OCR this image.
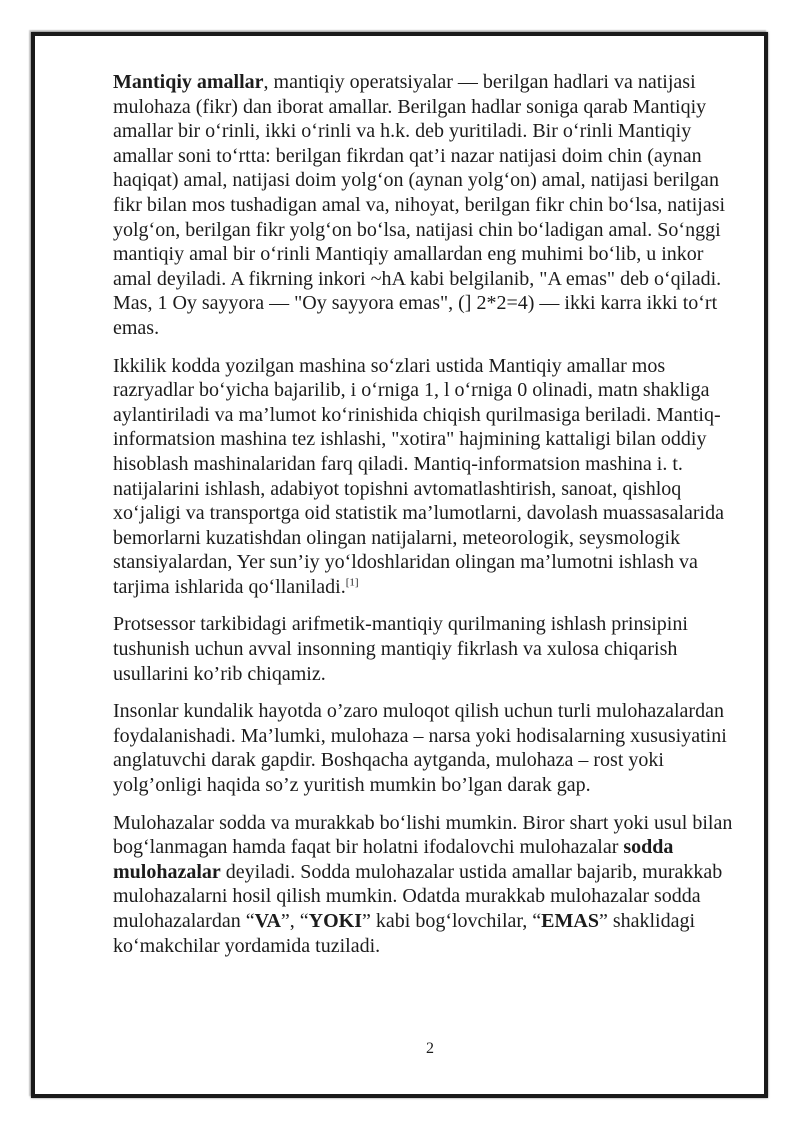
Mantiqiy amallar, mantiqiy operatsiyalar — berilgan hadlari va natijasi mulohaza (fikr) dan iborat amallar. Berilgan hadlar soniga qarab Mantiqiy amallar bir oʻrinli, ikki oʻrinli va h.k. deb yuritiladi. Bir oʻrinli Mantiqiy amallar soni toʻrtta: berilgan fikrdan qat’i nazar natijasi doim chin (aynan haqiqat) amal, natijasi doim yolgʻon (aynan yolgʻon) amal, natijasi berilgan fikr bilan mos tushadigan amal va, nihoyat, berilgan fikr chin boʻlsa, natijasi yolgʻon, berilgan fikr yolgʻon boʻlsa, natijasi chin boʻladigan amal. Soʻnggi mantiqiy amal bir oʻrinli Mantiqiy amallardan eng muhimi boʻlib, u inkor amal deyiladi. A fikrning inkori ~hA kabi belgilanib, "A emas" deb oʻqiladi. Mas, 1 Oy sayyora — "Oy sayyora emas", (] 2*2=4) — ikki karra ikki toʻrt emas.

Ikkilik kodda yozilgan mashina soʻzlari ustida Mantiqiy amallar mos razryadlar boʻyicha bajarilib, i oʻrniga 1, l oʻrniga 0 olinadi, matn shakliga aylantiriladi va ma’lumot koʻrinishida chiqish qurilmasiga beriladi. Mantiq-informatsion mashina tez ishlashi, "xotira" hajmining kattaligi bilan oddiy hisoblash mashinalaridan farq qiladi. Mantiq-informatsion mashina i. t. natijalarini ishlash, adabiyot topishni avtomatlashtirish, sanoat, qishloq xoʻjaligi va transportga oid statistik ma’lumotlarni, davolash muassasalarida bemorlarni kuzatishdan olingan natijalarni, meteorologik, seysmologik stansiyalardan, Yer sun’iy yoʻldoshlaridan olingan ma’lumotni ishlash va tarjima ishlarida qoʻllaniladi.[1]

Protsessor tarkibidagi arifmetik-mantiqiy qurilmaning ishlash prinsipini tushunish uchun avval insonning mantiqiy fikrlash va xulosa chiqarish usullarini ko’rib chiqamiz.

Insonlar kundalik hayotda o’zaro muloqot qilish uchun turli mulohazalardan foydalanishadi. Ma’lumki, mulohaza – narsa yoki hodisalarning xususiyatini anglatuvchi darak gapdir. Boshqacha aytganda, mulohaza – rost yoki yolg’onligi haqida so’z yuritish mumkin bo’lgan darak gap.

Mulohazalar sodda va murakkab boʻlishi mumkin. Biror shart yoki usul bilan bogʻlanmagan hamda faqat bir holatni ifodalovchi mulohazalar sodda mulohazalar deyiladi. Sodda mulohazalar ustida amallar bajarib, murakkab mulohazalarni hosil qilish mumkin. Odatda murakkab mulohazalar sodda mulohazalardan “VA”, “YOKI” kabi bogʻlovchilar, “EMAS” shaklidagi koʻmakchilar yordamida tuziladi.

2
